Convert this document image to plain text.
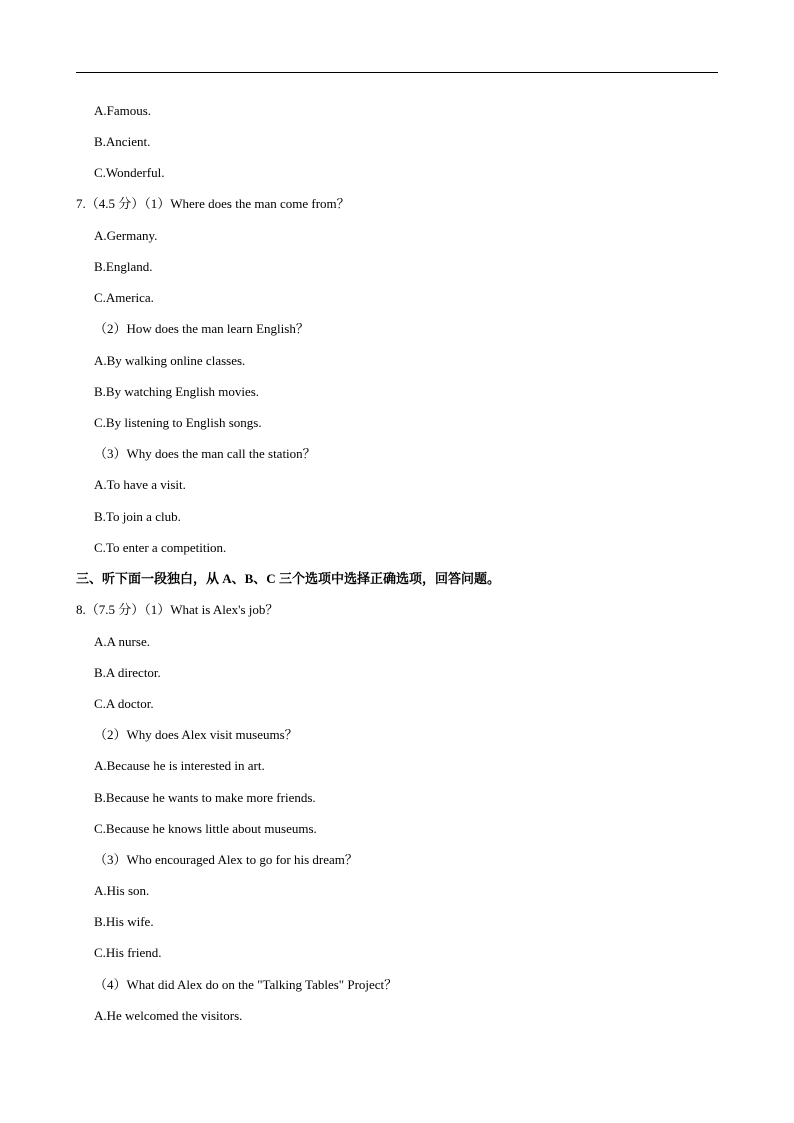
A.Famous.
B.Ancient.
C.Wonderful.
7.（4.5 分）（1）Where does the man come from？
A.Germany.
B.England.
C.America.
（2）How does the man learn English？
A.By walking online classes.
B.By watching English movies.
C.By listening to English songs.
（3）Why does the man call the station？
A.To have a visit.
B.To join a club.
C.To enter a competition.
三、听下面一段独白，从 A、B、C 三个选项中选择正确选项，回答问题。
8.（7.5 分）（1）What is Alex's job？
A.A nurse.
B.A director.
C.A doctor.
（2）Why does Alex visit museums？
A.Because he is interested in art.
B.Because he wants to make more friends.
C.Because he knows little about museums.
（3）Who encouraged Alex to go for his dream？
A.His son.
B.His wife.
C.His friend.
（4）What did Alex do on the "Talking Tables" Project？
A.He welcomed the visitors.
